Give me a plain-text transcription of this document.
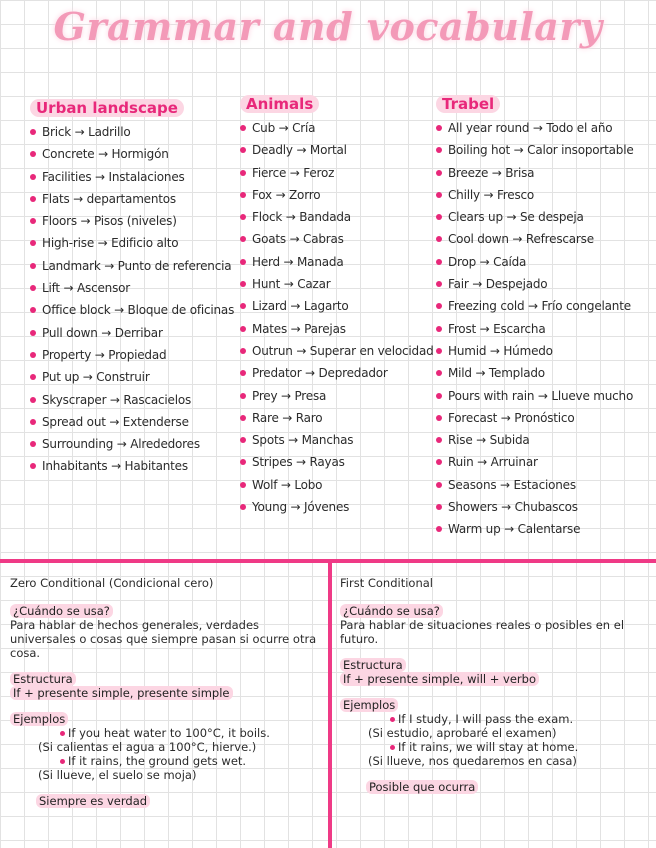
Grammar and vocabulary
Urban landscape
Brick → Ladrillo
Concrete → Hormigón
Facilities → Instalaciones
Flats → departamentos
Floors → Pisos (niveles)
High-rise → Edificio alto
Landmark → Punto de referencia
Lift → Ascensor
Office block → Bloque de oficinas
Pull down → Derribar
Property → Propiedad
Put up → Construir
Skyscraper → Rascacielos
Spread out → Extenderse
Surrounding → Alrededores
Inhabitants → Habitantes
Animals
Cub → Cría
Deadly → Mortal
Fierce → Feroz
Fox → Zorro
Flock → Bandada
Goats → Cabras
Herd → Manada
Hunt → Cazar
Lizard → Lagarto
Mates → Parejas
Outrun → Superar en velocidad
Predator → Depredador
Prey → Presa
Rare → Raro
Spots → Manchas
Stripes → Rayas
Wolf → Lobo
Young → Jóvenes
Trabel
All year round → Todo el año
Boiling hot → Calor insoportable
Breeze → Brisa
Chilly → Fresco
Clears up → Se despeja
Cool down → Refrescarse
Drop → Caída
Fair → Despejado
Freezing cold → Frío congelante
Frost → Escarcha
Humid → Húmedo
Mild → Templado
Pours with rain → Llueve mucho
Forecast → Pronóstico
Rise → Subida
Ruin → Arruinar
Seasons → Estaciones
Showers → Chubascos
Warm up → Calentarse
Zero Conditional (Condicional cero)
¿Cuándo se usa?
Para hablar de hechos generales, verdades universales o cosas que siempre pasan si ocurre otra cosa.
Estructura
If + presente simple, presente simple
Ejemplos
If you heat water to 100°C, it boils.
(Si calientas el agua a 100°C, hierve.)
If it rains, the ground gets wet.
(Si llueve, el suelo se moja)
Siempre es verdad
First Conditional
¿Cuándo se usa?
Para hablar de situaciones reales o posibles en el futuro.
Estructura
If + presente simple, will + verbo
Ejemplos
If I study, I will pass the exam.
(Si estudio, aprobaré el examen)
If it rains, we will stay at home.
(Si llueve, nos quedaremos en casa)
Posible que ocurra
